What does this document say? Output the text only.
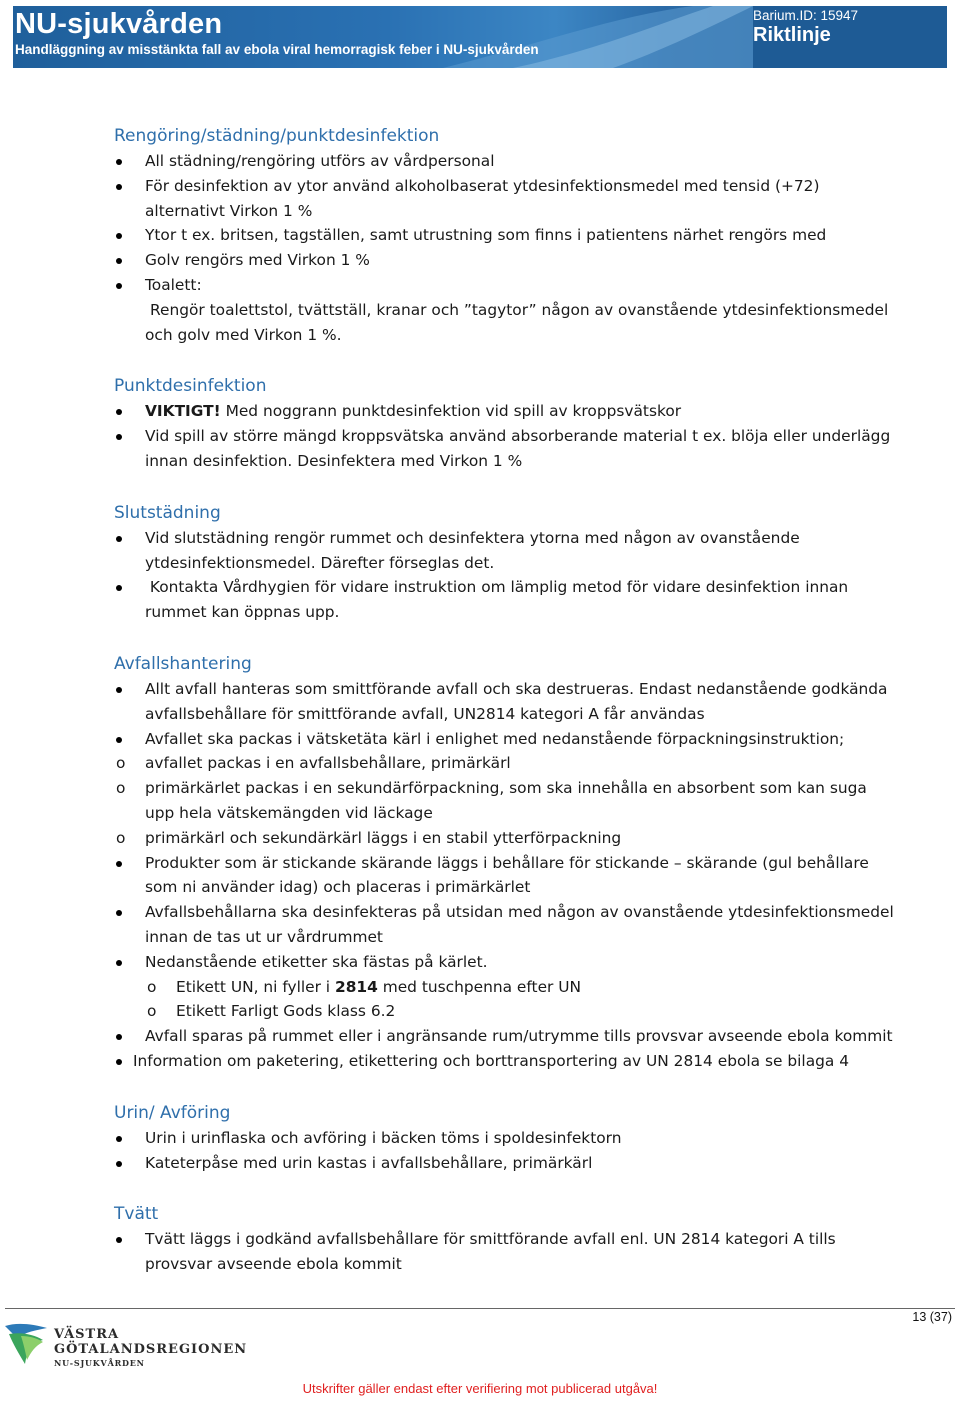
NU-sjukvården
Handläggning av misstänkta fall av ebola viral hemorragisk feber i NU-sjukvården
Barium.ID: 15947
Riktlinje
Rengöring/städning/punktdesinfektion
All städning/rengöring utförs av vårdpersonal
För desinfektion av ytor använd alkoholbaserat ytdesinfektionsmedel med tensid (+72) alternativt Virkon 1 %
Ytor t ex. britsen, tagställen, samt utrustning som finns i patientens närhet rengörs med
Golv rengörs med Virkon 1 %
Toalett:
Rengör toalettstol, tvättställ, kranar och ”tagytor” någon av ovanstående ytdesinfektionsmedel och golv med Virkon 1 %.
Punktdesinfektion
VIKTIGT! Med noggrann punktdesinfektion vid spill av kroppsvätskor
Vid spill av större mängd kroppsvätska använd absorberande material t ex. blöja eller underlägg innan desinfektion. Desinfektera med Virkon 1 %
Slutstädning
Vid slutstädning rengör rummet och desinfektera ytorna med någon av ovanstående ytdesinfektionsmedel. Därefter förseglas det.
Kontakta Vårdhygien för vidare instruktion om lämplig metod för vidare desinfektion innan rummet kan öppnas upp.
Avfallshantering
Allt avfall hanteras som smittförande avfall och ska destrueras. Endast nedanstående godkända avfallsbehållare för smittförande avfall, UN2814 kategori A får användas
Avfallet ska packas i vätsketäta kärl i enlighet med nedanstående förpackningsinstruktion;
o avfallet packas i en avfallsbehållare, primärkärl
o primärkärlet packas i en sekundärförpackning, som ska innehålla en absorbent som kan suga upp hela vätskemängden vid läckage
o primärkärl och sekundärkärl läggs i en stabil ytterförpackning
Produkter som är stickande skärande läggs i behållare för stickande – skärande (gul behållare som ni använder idag) och placeras i primärkärlet
Avfallsbehållarna ska desinfekteras på utsidan med någon av ovanstående ytdesinfektionsmedel innan de tas ut ur vårdrummet
Nedanstående etiketter ska fästas på kärlet.
o Etikett UN, ni fyller i 2814 med tuschpenna efter UN
o Etikett Farligt Gods klass 6.2
Avfall sparas på rummet eller i angränsande rum/utrymme tills provsvar avseende ebola kommit
Information om paketering, etikettering och borttransportering av UN 2814 ebola se bilaga 4
Urin/ Avföring
Urin i urinflaska och avföring i bäcken töms i spoldesinfektorn
Kateterpåse med urin kastas i avfallsbehållare, primärkärl
Tvätt
Tvätt läggs i godkänd avfallsbehållare för smittförande avfall enl. UN 2814 kategori A tills provsvar avseende ebola kommit
13 (37)
VÄSTRA
GÖTALANDSREGIONEN
NU-SJUKVÅRDEN
Utskrifter gäller endast efter verifiering mot publicerad utgåva!
